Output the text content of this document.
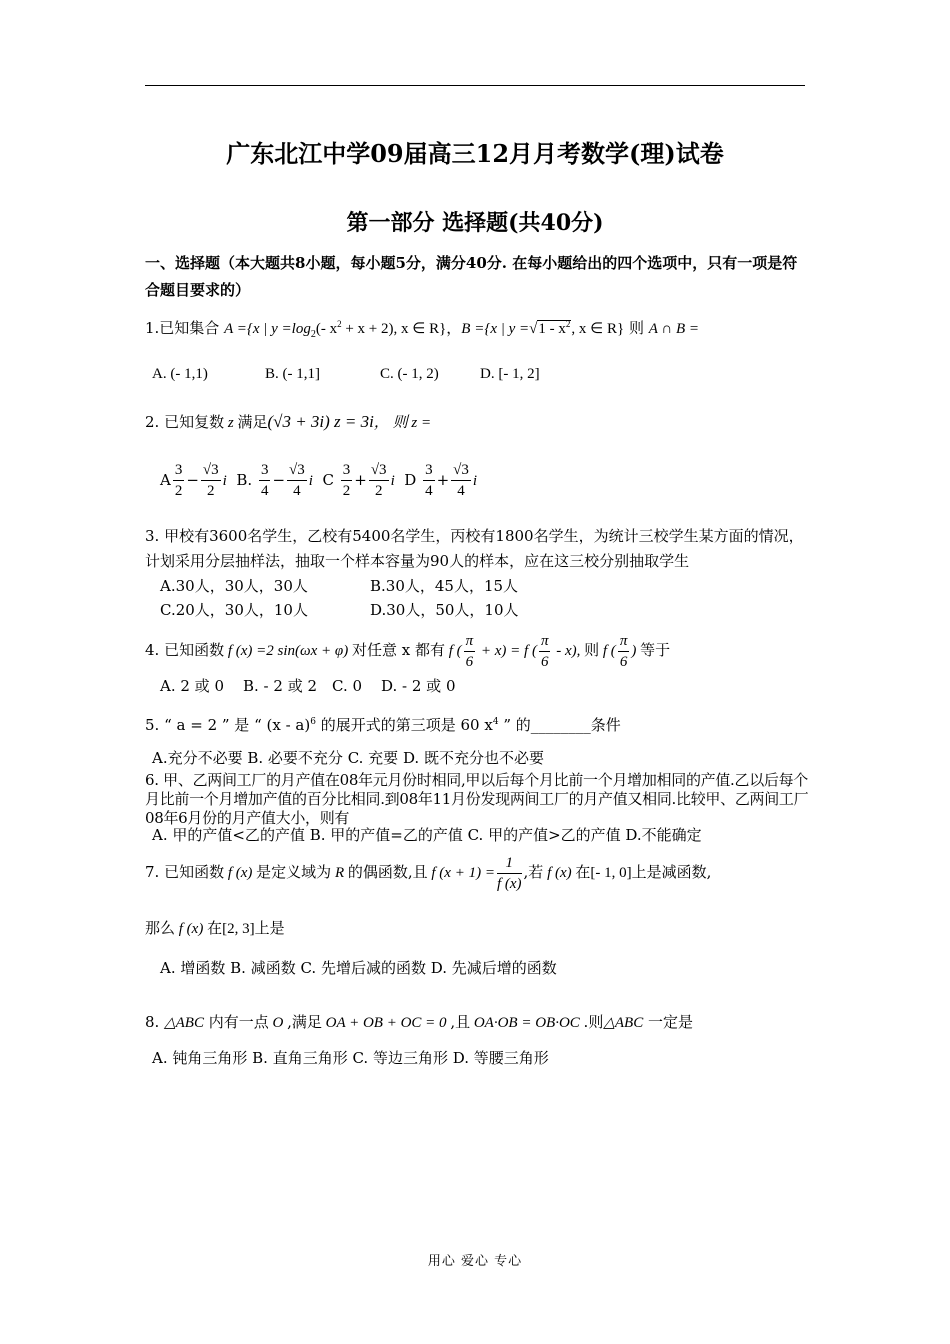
广东北江中学09届高三12月月考数学(理)试卷
第一部分 选择题(共40分)
一、选择题（本大题共8小题，每小题5分，满分40分. 在每小题给出的四个选项中，只有一项是符合题目要求的）
1.已知集合 A ={x | $y =\log_2(-$ $x^2 + x + 2$), x ∈ R}，B ={x | $y =√1 - x^2$, x ∈ R} 则 A ∩ B =
A. (- 1,1)	B. (- 1,1]	C. (- 1, 2)	D. [- 1, 2]
2. 已知复数 z 满足(√3 + 3i) z = 3i， 则 z =
A $\frac{3}{2} - \frac{√3}{2}$ i B. $\frac{3}{4} - \frac{√3}{4}$ i C $\frac{3}{2} + \frac{√3}{2}$ i D $\frac{3}{4} + \frac{√3}{4}$ i
3. 甲校有3600名学生，乙校有5400名学生，丙校有1800名学生，为统计三校学生某方面的情况，计划采用分层抽样法，抽取一个样本容量为90人的样本，应在这三校分别抽取学生
A.30人，30人，30人	B.30人，45人，15人
C.20人，30人，10人	D.30人，50人，10人
4. 已知函数 f (x) =2 sin(ωx + φ) 对任意 x 都有 f ( $\frac{\pi}{6} + x) = f$ ( $\frac{\pi}{6} - x$), 则 f ( $\frac{\pi}{6}$ ) 等于
A. 2 或 0 B. - 2 或 2 C. 0 D. - 2 或 0
5. “ a = 2 ” 是 “ (x - a)$^6$ 的展开式的第三项是 60 $x^4$ ” 的________条件
A.充分不必要 B. 必要不充分 C. 充要 D. 既不充分也不必要
6. 甲、乙两间工厂的月产值在08年元月份时相同,甲以后每个月比前一个月增加相同的产值.乙以后每个月比前一个月增加产值的百分比相同.到08年11月份发现两间工厂的月产值又相同.比较甲、乙两间工厂08年6月份的月产值大小，则有
A. 甲的产值<乙的产值 B. 甲的产值=乙的产值 C. 甲的产值>乙的产值 D.不能确定
7. 已知函数 f (x) 是定义域为 R 的偶函数,且 f $(x + 1) = \frac{1}{f (x)}$ ,若 f (x) 在[- 1, 0]上是减函数,
那么 f (x) 在[2, 3]上是
A. 增函数 B. 减函数 C. 先增后减的函数 D. 先减后增的函数
8. △ABC 内有一点 O ,满足 OA + OB + OC = 0 ,且 OA·OB = OB·OC .则△ABC 一定是
A. 钝角三角形 B. 直角三角形 C. 等边三角形 D. 等腰三角形
用心 爱心 专心
